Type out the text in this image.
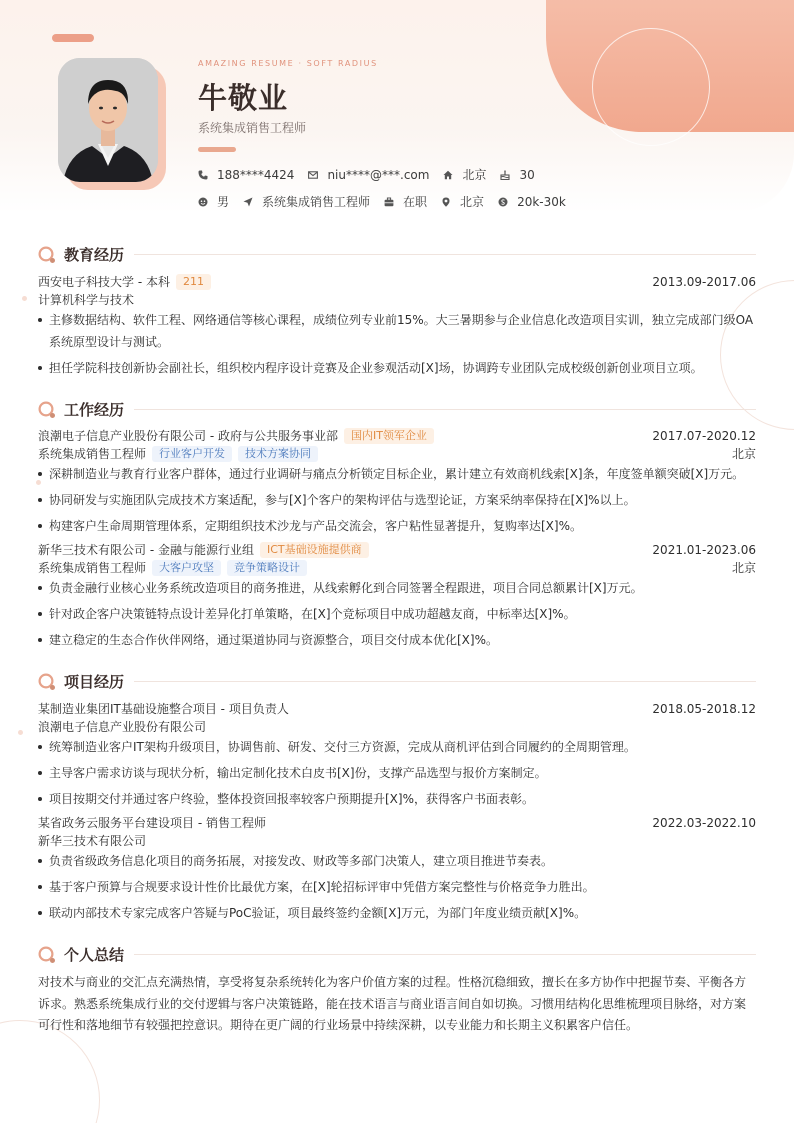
AMAZING RESUME · SOFT RADIUS
牛敬业
系统集成销售工程师
188****4424	niu****@***.com	北京	30
男	系统集成销售工程师	在职	北京	20k-30k
教育经历
西安电子科技大学 - 本科	211	2013.09-2017.06
计算机科学与技术
主修数据结构、软件工程、网络通信等核心课程，成绩位列专业前15%。大三暑期参与企业信息化改造项目实训，独立完成部门级OA
系统原型设计与测试。
担任学院科技创新协会副社长，组织校内程序设计竞赛及企业参观活动[X]场，协调跨专业团队完成校级创新创业项目立项。
工作经历
浪潮电子信息产业股份有限公司 - 政府与公共服务事业部	国内IT领军企业	2017.07-2020.12
系统集成销售工程师	行业客户开发	技术方案协同	北京
深耕制造业与教育行业客户群体，通过行业调研与痛点分析锁定目标企业，累计建立有效商机线索[X]条，年度签单额突破[X]万元。
协同研发与实施团队完成技术方案适配，参与[X]个客户的架构评估与选型论证，方案采纳率保持在[X]%以上。
构建客户生命周期管理体系，定期组织技术沙龙与产品交流会，客户粘性显著提升，复购率达[X]%。
新华三技术有限公司 - 金融与能源行业组	ICT基础设施提供商	2021.01-2023.06
系统集成销售工程师	大客户攻坚	竞争策略设计	北京
负责金融行业核心业务系统改造项目的商务推进，从线索孵化到合同签署全程跟进，项目合同总额累计[X]万元。
针对政企客户决策链特点设计差异化打单策略，在[X]个竞标项目中成功超越友商，中标率达[X]%。
建立稳定的生态合作伙伴网络，通过渠道协同与资源整合，项目交付成本优化[X]%。
项目经历
某制造业集团IT基础设施整合项目 - 项目负责人	2018.05-2018.12
浪潮电子信息产业股份有限公司
统筹制造业客户IT架构升级项目，协调售前、研发、交付三方资源，完成从商机评估到合同履约的全周期管理。
主导客户需求访谈与现状分析，输出定制化技术白皮书[X]份，支撑产品选型与报价方案制定。
项目按期交付并通过客户终验，整体投资回报率较客户预期提升[X]%，获得客户书面表彰。
某省政务云服务平台建设项目 - 销售工程师	2022.03-2022.10
新华三技术有限公司
负责省级政务信息化项目的商务拓展，对接发改、财政等多部门决策人，建立项目推进节奏表。
基于客户预算与合规要求设计性价比最优方案，在[X]轮招标评审中凭借方案完整性与价格竞争力胜出。
联动内部技术专家完成客户答疑与PoC验证，项目最终签约金额[X]万元，为部门年度业绩贡献[X]%。
个人总结
对技术与商业的交汇点充满热情，享受将复杂系统转化为客户价值方案的过程。性格沉稳细致，擅长在多方协作中把握节奏、平衡各方诉求。熟悉系统集成行业的交付逻辑与客户决策链路，能在技术语言与商业语言间自如切换。习惯用结构化思维梳理项目脉络，对方案可行性和落地细节有较强把控意识。期待在更广阔的行业场景中持续深耕，以专业能力和长期主义积累客户信任。
